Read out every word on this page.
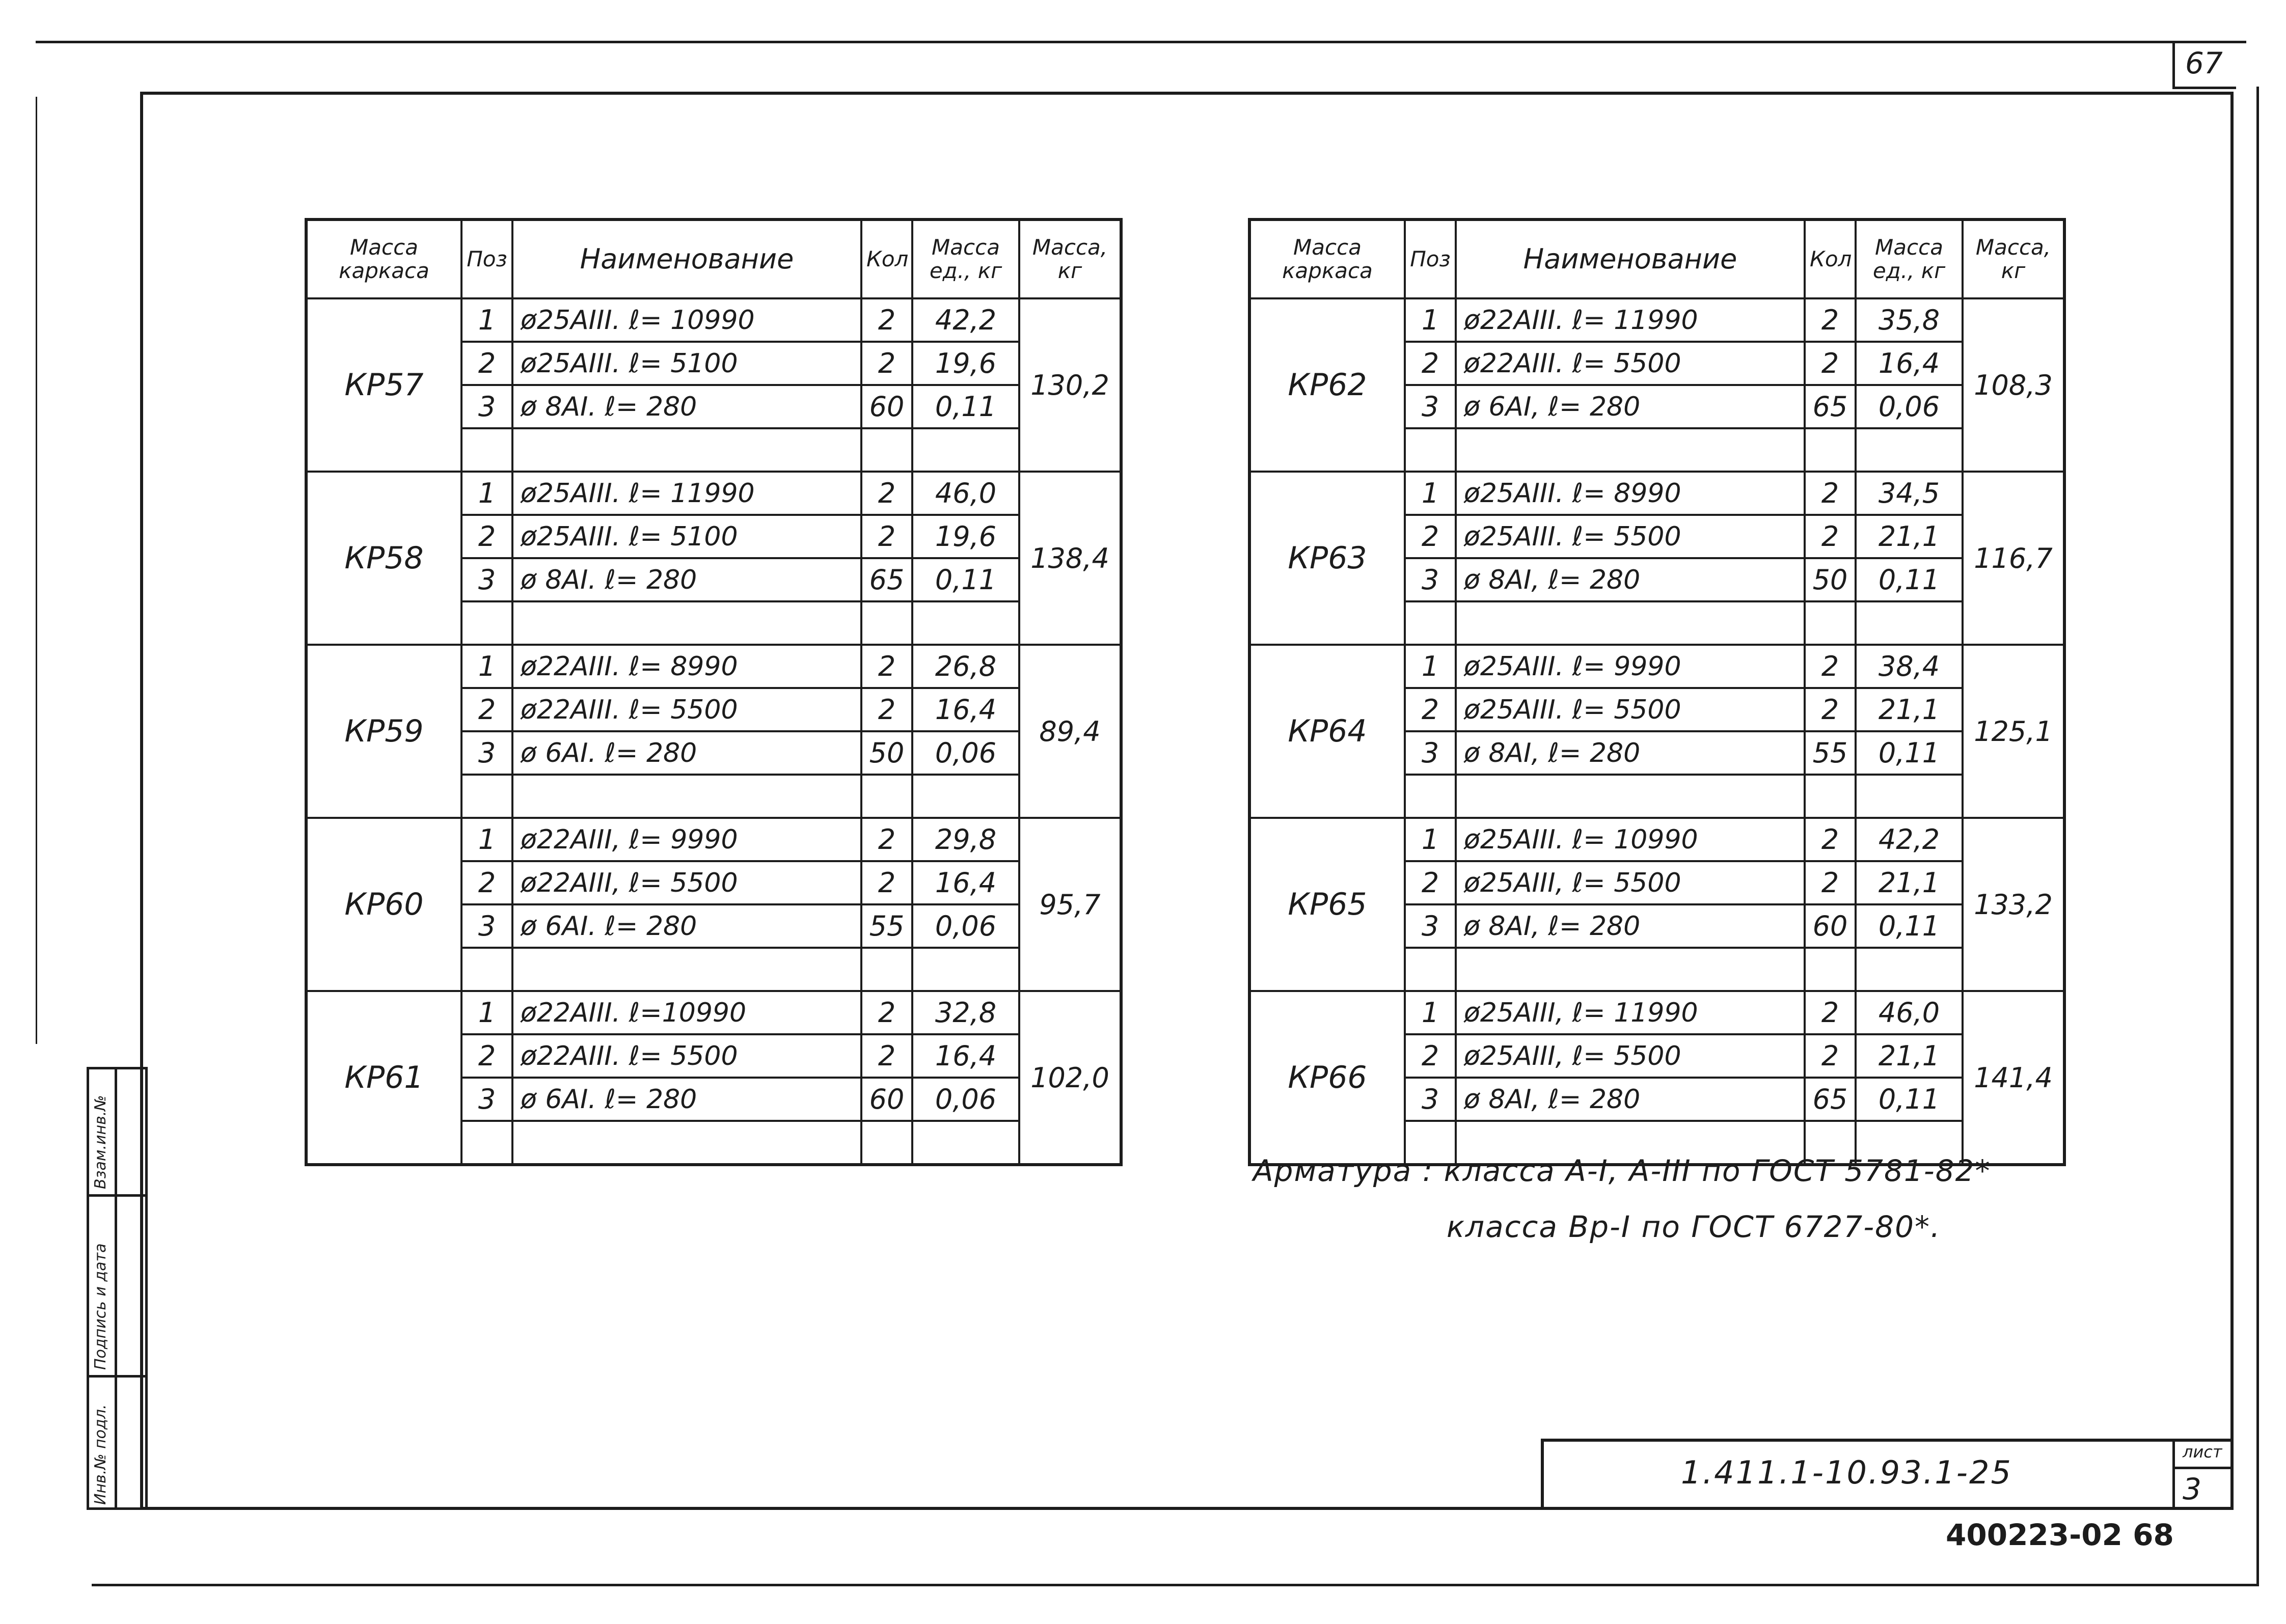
67
Инв.№ подл.
Подпись и дата
Взам.инв.№
Масса каркаса	Поз	Наименование	Кол	Масса ед., кг	Масса, кг
КР57	1	ø25АIII. ℓ= 10990	2	42,2	130,2
	2	ø25АIII. ℓ= 5100	2	19,6	
	3	ø 8АI. ℓ= 280	60	0,11	

КР58	1	ø25АIII. ℓ= 11990	2	46,0	138,4
	2	ø25АIII. ℓ= 5100	2	19,6	
	3	ø 8АI. ℓ= 280	65	0,11	

КР59	1	ø22АIII. ℓ= 8990	2	26,8	89,4
	2	ø22АIII. ℓ= 5500	2	16,4	
	3	ø 6АI. ℓ= 280	50	0,06	

КР60	1	ø22АIII, ℓ= 9990	2	29,8	95,7
	2	ø22АIII, ℓ= 5500	2	16,4	
	3	ø 6АI. ℓ= 280	55	0,06	

КР61	1	ø22АIII. ℓ=10990	2	32,8	102,0
	2	ø22АIII. ℓ= 5500	2	16,4	
	3	ø 6АI. ℓ= 280	60	0,06	

Масса каркаса	Поз	Наименование	Кол	Масса ед., кг	Масса, кг
КР62	1	ø22АIII. ℓ= 11990	2	35,8	108,3
	2	ø22АIII. ℓ= 5500	2	16,4	
	3	ø 6АI, ℓ= 280	65	0,06	

КР63	1	ø25АIII. ℓ= 8990	2	34,5	116,7
	2	ø25АIII. ℓ= 5500	2	21,1	
	3	ø 8АI, ℓ= 280	50	0,11	

КР64	1	ø25АIII. ℓ= 9990	2	38,4	125,1
	2	ø25АIII. ℓ= 5500	2	21,1	
	3	ø 8АI, ℓ= 280	55	0,11	

КР65	1	ø25АIII. ℓ= 10990	2	42,2	133,2
	2	ø25АIII, ℓ= 5500	2	21,1	
	3	ø 8АI, ℓ= 280	60	0,11	

КР66	1	ø25АIII, ℓ= 11990	2	46,0	141,4
	2	ø25АIII, ℓ= 5500	2	21,1	
	3	ø 8АI, ℓ= 280	65	0,11	

Арматура : класса А-I, А-III по ГОСТ 5781-82*
класса Вр-I по ГОСТ 6727-80*.
1.411.1-10.93.1-25
лист
3
400223-02 68
